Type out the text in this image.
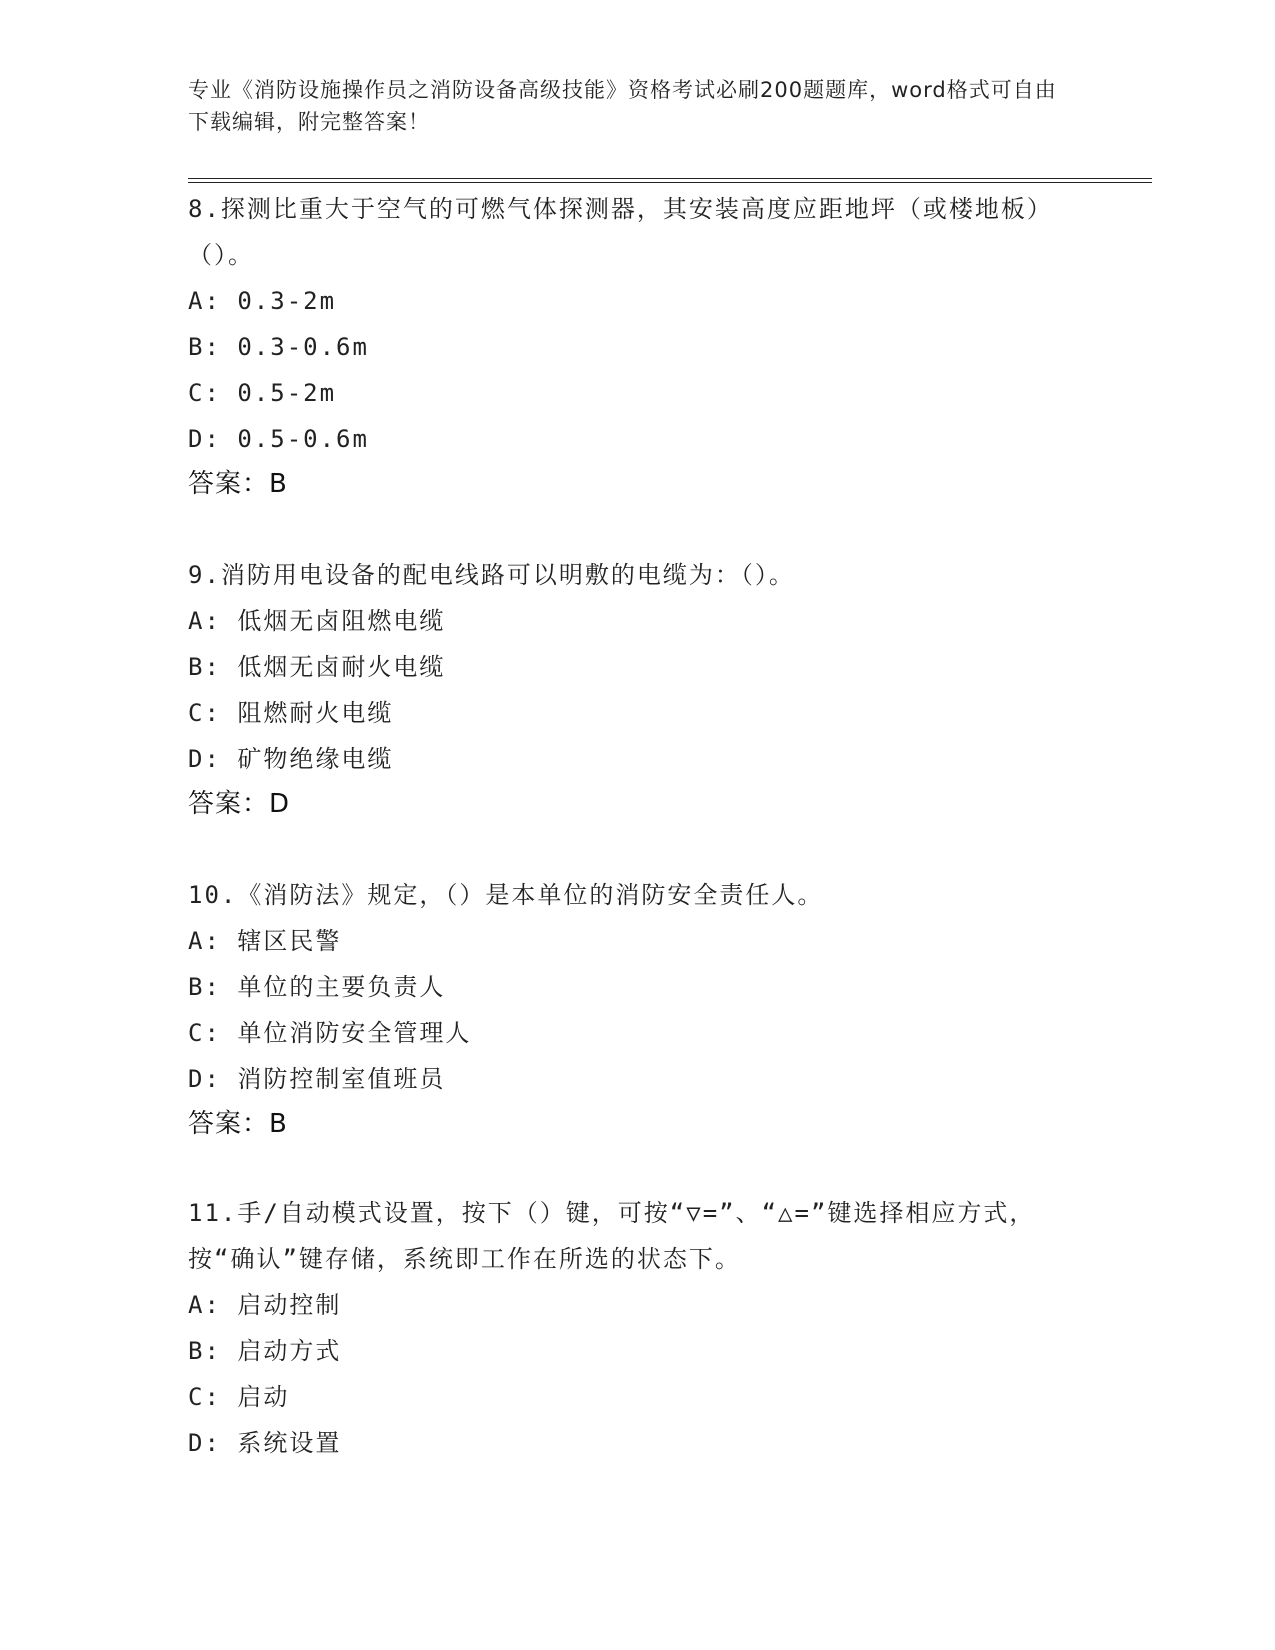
专业《消防设施操作员之消防设备高级技能》资格考试必刷200题题库，word格式可自由下载编辑，附完整答案！
8.探测比重大于空气的可燃气体探测器，其安装高度应距地坪（或楼地板）（）。
A: 0.3-2m
B: 0.3-0.6m
C: 0.5-2m
D: 0.5-0.6m
答案：B
9.消防用电设备的配电线路可以明敷的电缆为：（）。
A: 低烟无卤阻燃电缆
B: 低烟无卤耐火电缆
C: 阻燃耐火电缆
D: 矿物绝缘电缆
答案：D
10.《消防法》规定，（）是本单位的消防安全责任人。
A: 辖区民警
B: 单位的主要负责人
C: 单位消防安全管理人
D: 消防控制室值班员
答案：B
11.手/自动模式设置，按下（）键，可按“▽=”、“△=”键选择相应方式，按“确认”键存储，系统即工作在所选的状态下。
A: 启动控制
B: 启动方式
C: 启动
D: 系统设置
